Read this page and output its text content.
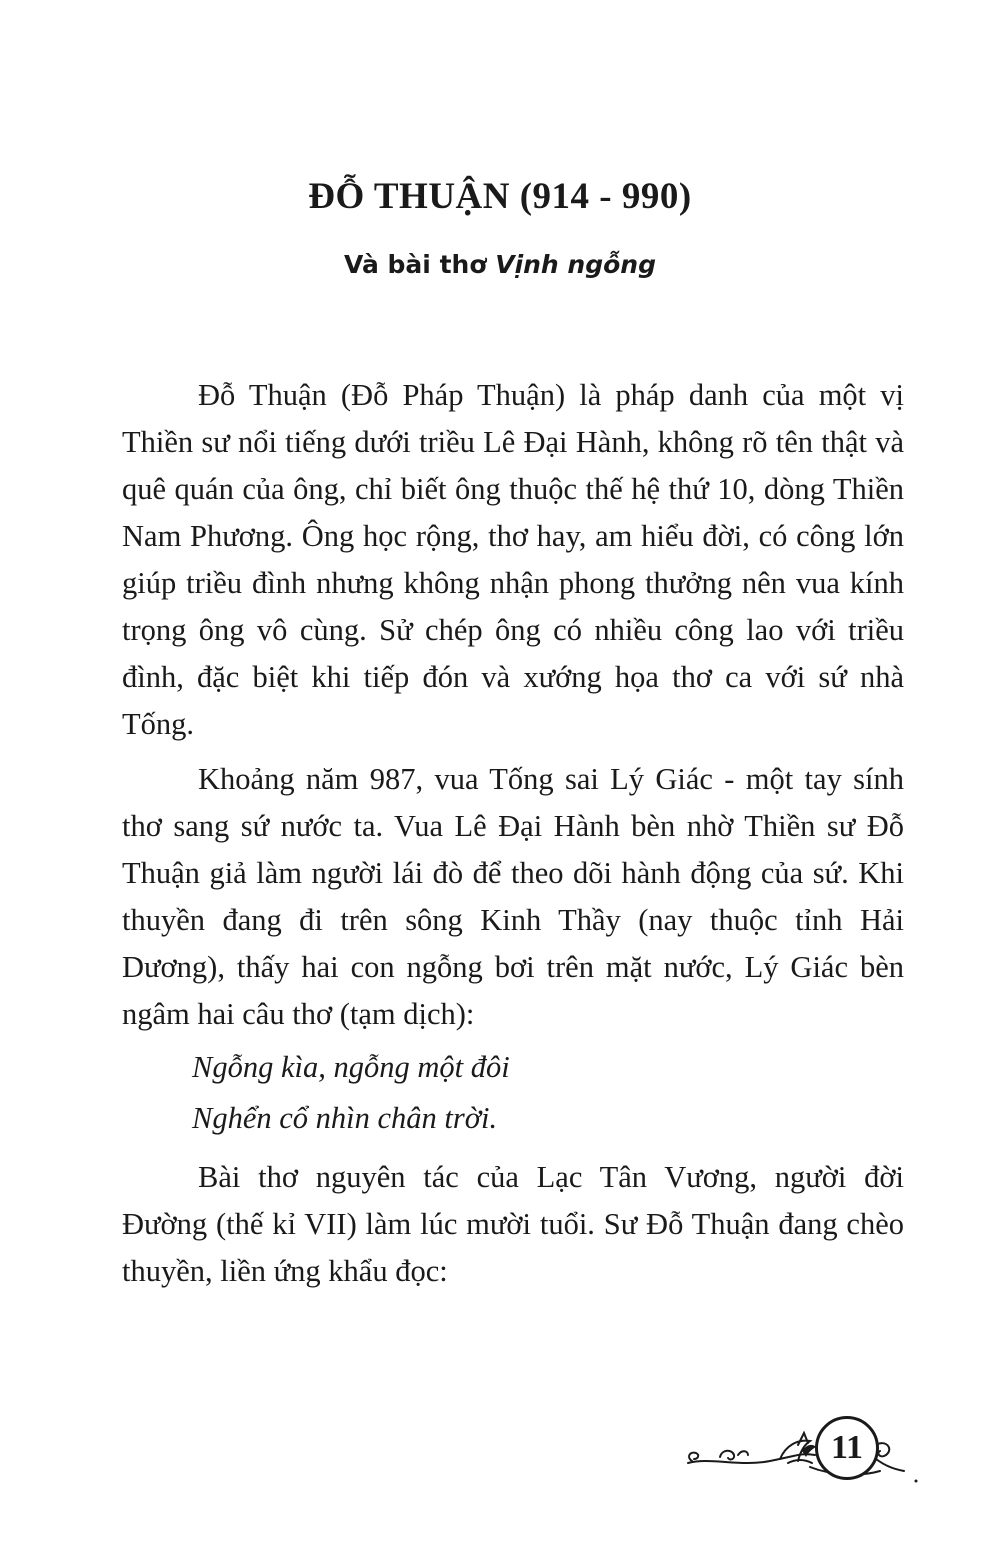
ĐỖ THUẬN (914 - 990)
Và bài thơ Vịnh ngỗng

Đỗ Thuận (Đỗ Pháp Thuận) là pháp danh của một vị Thiền sư nổi tiếng dưới triều Lê Đại Hành, không rõ tên thật và quê quán của ông, chỉ biết ông thuộc thế hệ thứ 10, dòng Thiền Nam Phương. Ông học rộng, thơ hay, am hiểu đời, có công lớn giúp triều đình nhưng không nhận phong thưởng nên vua kính trọng ông vô cùng. Sử chép ông có nhiều công lao với triều đình, đặc biệt khi tiếp đón và xướng họa thơ ca với sứ nhà Tống.

Khoảng năm 987, vua Tống sai Lý Giác - một tay sính thơ sang sứ nước ta. Vua Lê Đại Hành bèn nhờ Thiền sư Đỗ Thuận giả làm người lái đò để theo dõi hành động của sứ. Khi thuyền đang đi trên sông Kinh Thầy (nay thuộc tỉnh Hải Dương), thấy hai con ngỗng bơi trên mặt nước, Lý Giác bèn ngâm hai câu thơ (tạm dịch):

Ngỗng kìa, ngỗng một đôi
Nghển cổ nhìn chân trời.

Bài thơ nguyên tác của Lạc Tân Vương, người đời Đường (thế kỉ VII) làm lúc mười tuổi. Sư Đỗ Thuận đang chèo thuyền, liền ứng khẩu đọc:

11
